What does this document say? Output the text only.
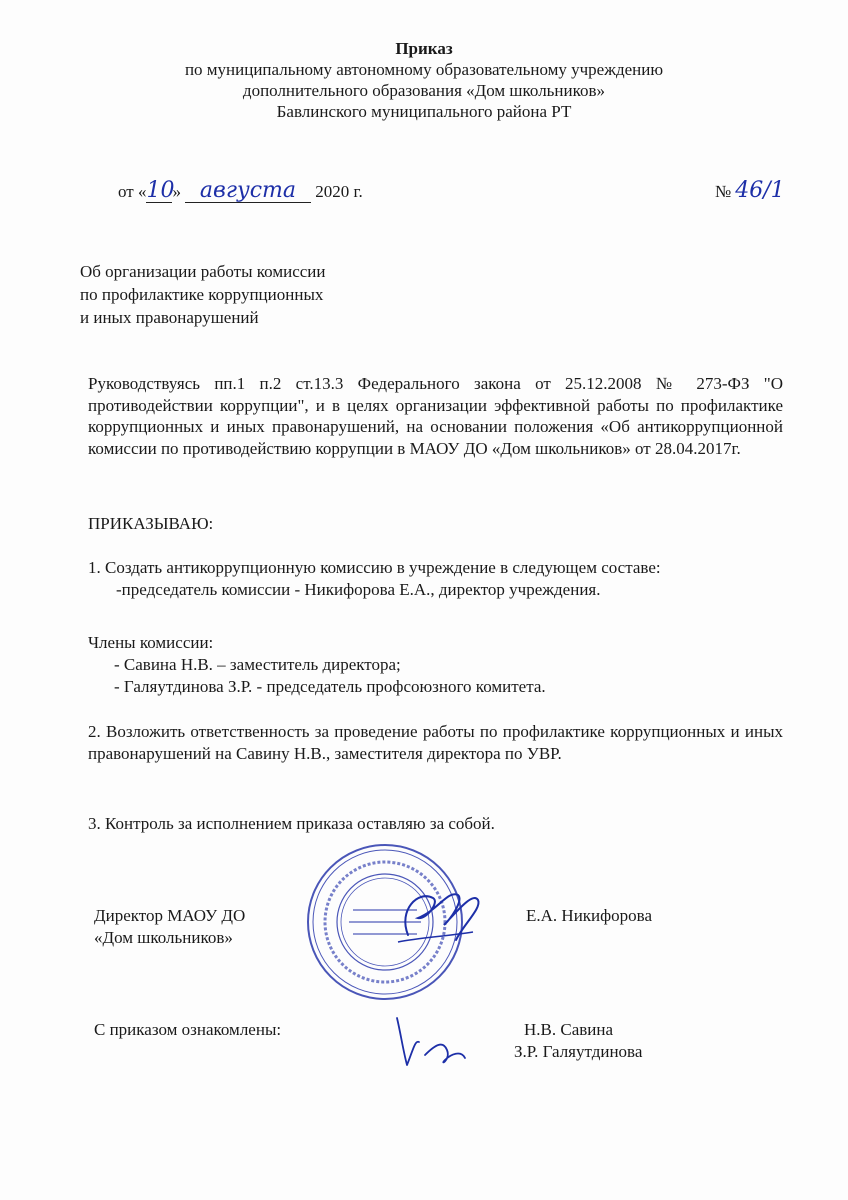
Приказ
по муниципальному автономному образовательному учреждению
дополнительного образования «Дом школьников»
Бавлинского муниципального района РТ
от «10» августа 2020 г.	№ 46/1
Об организации работы комиссии
по профилактике коррупционных
и иных правонарушений
Руководствуясь пп.1 п.2 ст.13.3 Федерального закона от 25.12.2008 № 273-ФЗ "О противодействии коррупции", и в целях организации эффективной работы по профилактике коррупционных и иных правонарушений, на основании положения «Об антикоррупционной комиссии по противодействию коррупции в МАОУ ДО «Дом школьников» от 28.04.2017г.
ПРИКАЗЫВАЮ:
1. Создать антикоррупционную комиссию в учреждение в следующем составе:
-председатель комиссии - Никифорова Е.А., директор учреждения.
Члены комиссии:
- Савина Н.В. – заместитель директора;
- Галяутдинова З.Р. - председатель профсоюзного комитета.
2. Возложить ответственность за проведение работы по профилактике коррупционных и иных правонарушений на Савину Н.В., заместителя директора по УВР.
3. Контроль за исполнением приказа оставляю за собой.
Директор МАОУ ДО
«Дом школьников»
Е.А. Никифорова
С приказом ознакомлены:	Н.В. Савина
З.Р. Галяутдинова
